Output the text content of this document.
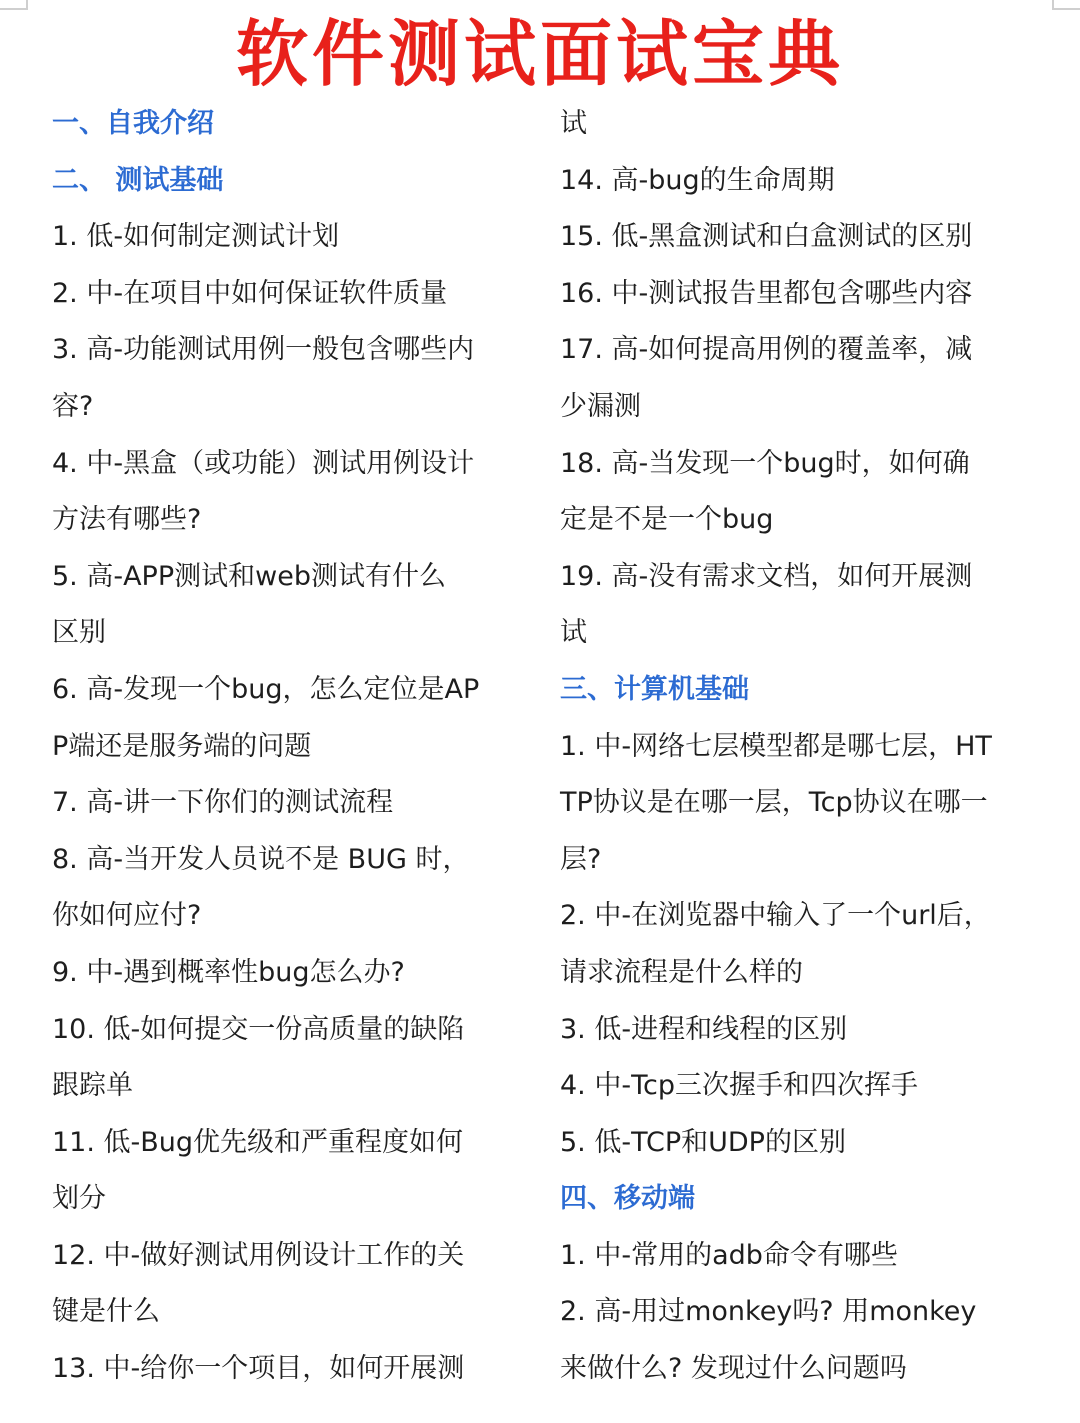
软件测试面试宝典
一、自我介绍
二、 测试基础
1. 低-如何制定测试计划
2. 中-在项目中如何保证软件质量
3. 高-功能测试用例一般包含哪些内
容?
4. 中-黑盒（或功能）测试用例设计
方法有哪些?
5. 高-APP测试和web测试有什么
区别
6. 高-发现一个bug，怎么定位是AP
P端还是服务端的问题
7. 高-讲一下你们的测试流程
8. 高-当开发人员说不是 BUG 时，
你如何应付?
9. 中-遇到概率性bug怎么办?
10. 低-如何提交一份高质量的缺陷
跟踪单
11. 低-Bug优先级和严重程度如何
划分
12. 中-做好测试用例设计工作的关
键是什么
13. 中-给你一个项目，如何开展测
试
14. 高-bug的生命周期
15. 低-黑盒测试和白盒测试的区别
16. 中-测试报告里都包含哪些内容
17. 高-如何提高用例的覆盖率，减
少漏测
18. 高-当发现一个bug时，如何确
定是不是一个bug
19. 高-没有需求文档，如何开展测
试
三、计算机基础
1. 中-网络七层模型都是哪七层，HT
TP协议是在哪一层，Tcp协议在哪一
层?
2. 中-在浏览器中输入了一个url后，
请求流程是什么样的
3. 低-进程和线程的区别
4. 中-Tcp三次握手和四次挥手
5. 低-TCP和UDP的区别
四、移动端
1. 中-常用的adb命令有哪些
2. 高-用过monkey吗? 用monkey
来做什么? 发现过什么问题吗
